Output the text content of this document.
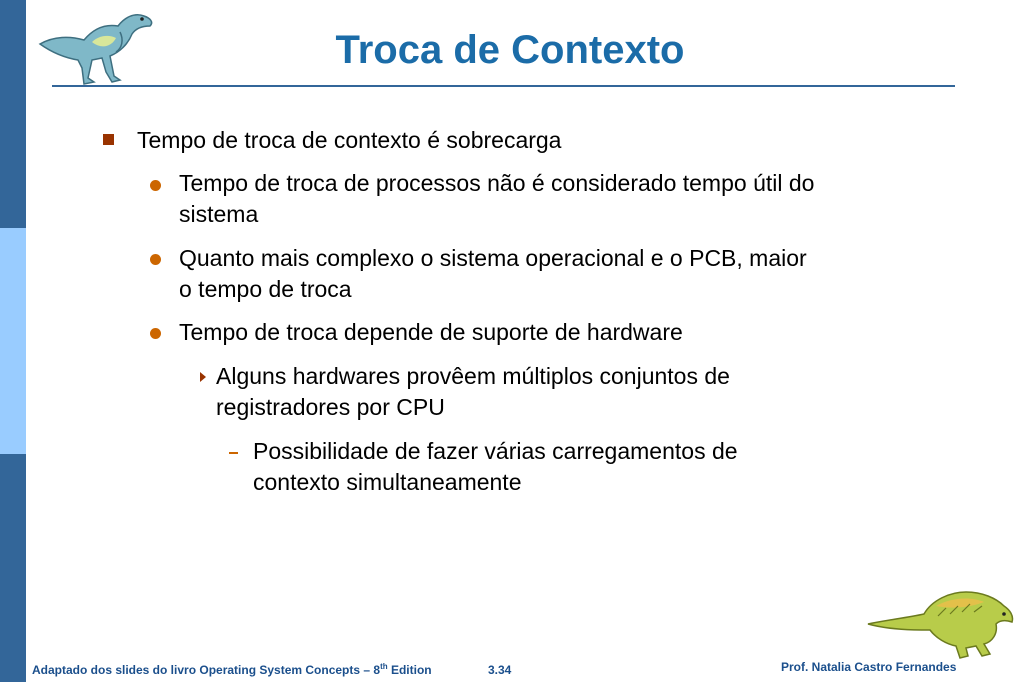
Troca de Contexto
Tempo de troca de contexto é sobrecarga
Tempo de troca de processos não é considerado tempo útil do
sistema
Quanto mais complexo o sistema operacional e o PCB, maior
o tempo de troca
Tempo de troca depende de suporte de hardware
Alguns hardwares provêem múltiplos conjuntos de
registradores por CPU
Possibilidade de fazer várias carregamentos de
contexto simultaneamente
Adaptado dos slides do livro Operating System Concepts – 8th Edition	3.34	Prof. Natalia Castro Fernandes
